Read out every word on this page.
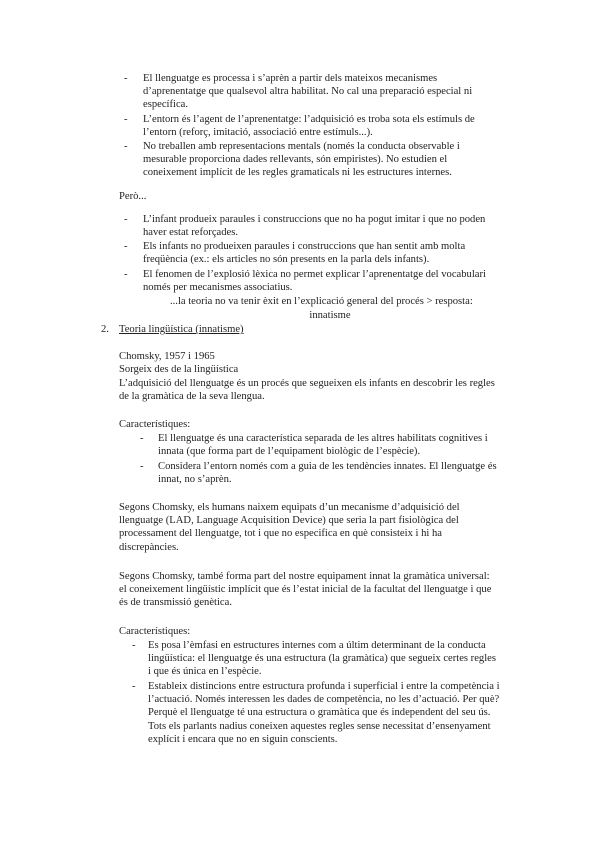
- El llenguatge es processa i s’aprèn a partir dels mateixos mecanismes d’aprenentatge que qualsevol altra habilitat. No cal una preparació especial ni específica.

- L’entorn és l’agent de l’aprenentatge: l’adquisició es troba sota els estímuls de l’entorn (reforç, imitació, associació entre estímuls...).

- No treballen amb representacions mentals (només la conducta observable i mesurable proporciona dades rellevants, són empiristes). No estudien el coneixement implícit de les regles gramaticals ni les estructures internes.

Però...

- L’infant produeix paraules i construccions que no ha pogut imitar i que no poden haver estat reforçades.

- Els infants no produeixen paraules i construccions que han sentit amb molta freqüència (ex.: els articles no són presents en la parla dels infants).

- El fenomen de l’explosió lèxica no permet explicar l’aprenentatge del vocabulari només per mecanismes associatius.

...la teoria no va tenir èxit en l’explicació general del procés > resposta:

innatisme

2. Teoria lingüística (innatisme)

Chomsky, 1957 i 1965

Sorgeix des de la lingüística

L’adquisició del llenguatge és un procés que segueixen els infants en descobrir les regles de la gramàtica de la seva llengua.

Característiques:

- El llenguatge és una característica separada de les altres habilitats cognitives i innata (que forma part de l’equipament biològic de l’espècie).

- Considera l’entorn només com a guia de les tendències innates. El llenguatge és innat, no s’aprèn.

Segons Chomsky, els humans naixem equipats d’un mecanisme d’adquisició del llenguatge (LAD, Language Acquisition Device) que seria la part fisiològica del processament del llenguatge, tot i que no especifica en què consisteix i hi ha discrepàncies.

Segons Chomsky, també forma part del nostre equipament innat la gramàtica universal: el coneixement lingüístic implícit que és l’estat inicial de la facultat del llenguatge i que és de transmissió genètica.

Característiques:

- Es posa l’èmfasi en estructures internes com a últim determinant de la conducta lingüística: el llenguatge és una estructura (la gramàtica) que segueix certes regles i que és única en l’espècie.

- Estableix distincions entre estructura profunda i superficial i entre la competència i l’actuació. Només interessen les dades de competència, no les d’actuació. Per què? Perquè el llenguatge té una estructura o gramàtica que és independent del seu ús. Tots els parlants nadius coneixen aquestes regles sense necessitat d’ensenyament explícit i encara que no en siguin conscients.
